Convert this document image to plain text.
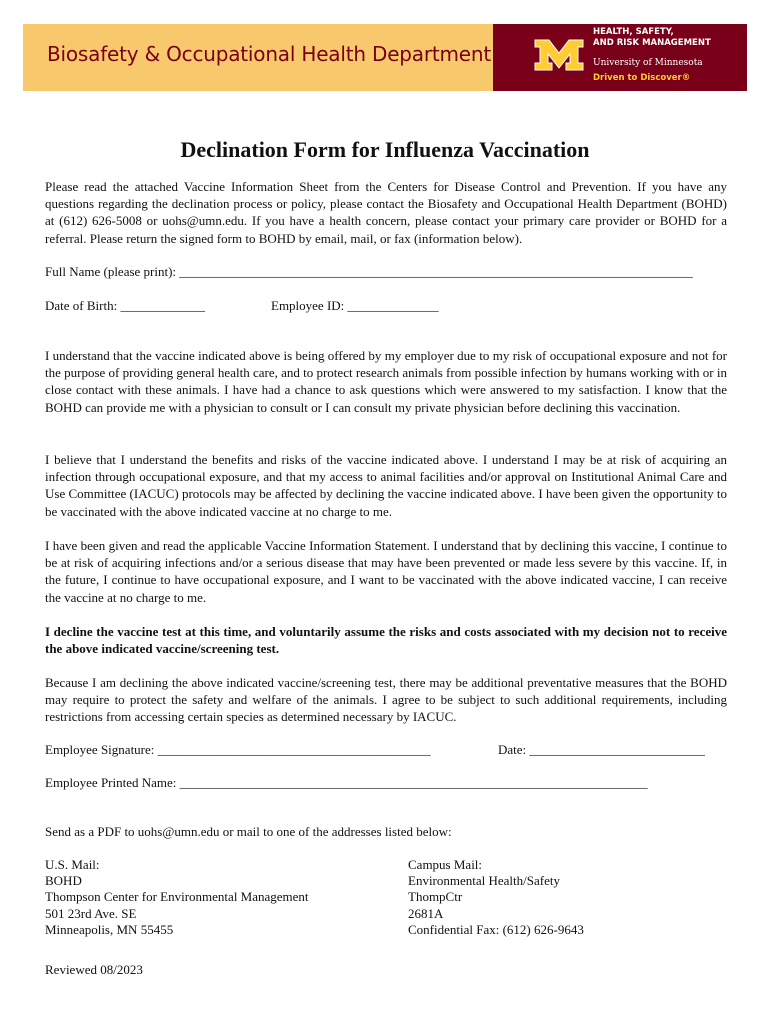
Biosafety & Occupational Health Department
HEALTH, SAFETY,
AND RISK MANAGEMENT
University of Minnesota
Driven to Discover®
Declination Form for Influenza Vaccination

Please read the attached Vaccine Information Sheet from the Centers for Disease Control and Prevention. If you have any questions regarding the declination process or policy, please contact the Biosafety and Occupational Health Department (BOHD) at (612) 626-5008 or uohs@umn.edu. If you have a health concern, please contact your primary care provider or BOHD for a referral. Please return the signed form to BOHD by email, mail, or fax (information below).

Full Name (please print): _______________________________________________________________________________
Date of Birth: _____________	Employee ID: ______________

I understand that the vaccine indicated above is being offered by my employer due to my risk of occupational exposure and not for the purpose of providing general health care, and to protect research animals from possible infection by humans working with or in close contact with these animals. I have had a chance to ask questions which were answered to my satisfaction. I know that the BOHD can provide me with a physician to consult or I can consult my private physician before declining this vaccination.

I believe that I understand the benefits and risks of the vaccine indicated above. I understand I may be at risk of acquiring an infection through occupational exposure, and that my access to animal facilities and/or approval on Institutional Animal Care and Use Committee (IACUC) protocols may be affected by declining the vaccine indicated above. I have been given the opportunity to be vaccinated with the above indicated vaccine at no charge to me.

I have been given and read the applicable Vaccine Information Statement. I understand that by declining this vaccine, I continue to be at risk of acquiring infections and/or a serious disease that may have been prevented or made less severe by this vaccine. If, in the future, I continue to have occupational exposure, and I want to be vaccinated with the above indicated vaccine, I can receive the vaccine at no charge to me.

I decline the vaccine test at this time, and voluntarily assume the risks and costs associated with my decision not to receive the above indicated vaccine/screening test.

Because I am declining the above indicated vaccine/screening test, there may be additional preventative measures that the BOHD may require to protect the safety and welfare of the animals. I agree to be subject to such additional requirements, including restrictions from accessing certain species as determined necessary by IACUC.

Employee Signature: __________________________________________	Date: ___________________________
Employee Printed Name: ________________________________________________________________________
Send as a PDF to uohs@umn.edu or mail to one of the addresses listed below:
U.S. Mail:
BOHD
Thompson Center for Environmental Management
501 23rd Ave. SE
Minneapolis, MN 55455
Campus Mail:
Environmental Health/Safety
ThompCtr
2681A
Confidential Fax: (612) 626-9643
Reviewed 08/2023
